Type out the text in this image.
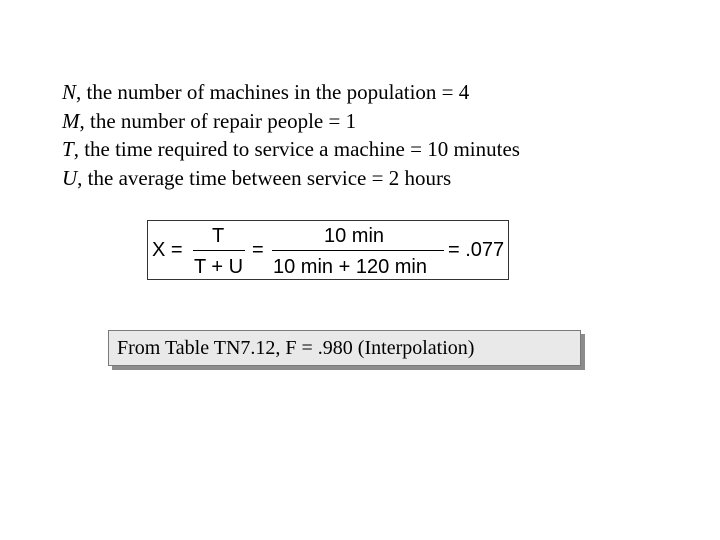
N, the number of machines in the population = 4
M, the number of repair people = 1
T, the time required to service a machine = 10 minutes
U, the average time between service = 2 hours
X =
T
T + U
=
10 min
10 min + 120 min
= .077
From Table TN7.12, F = .980 (Interpolation)
